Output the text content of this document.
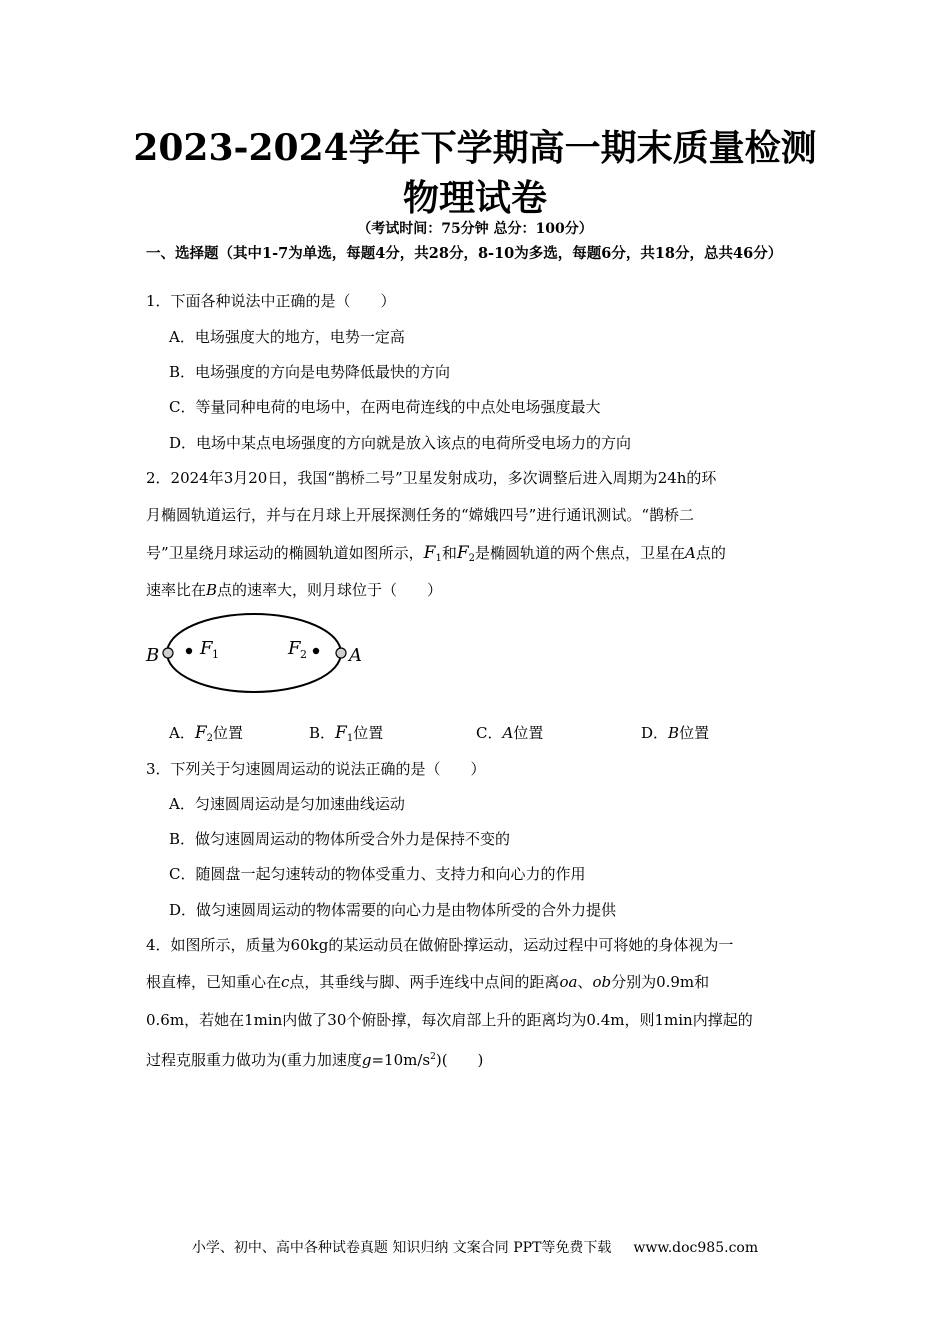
2023-2024学年下学期高一期末质量检测
物理试卷
（考试时间：75分钟 总分：100分）
一、选择题（其中1-7为单选，每题4分，共28分，8-10为多选，每题6分，共18分，总共46分）
1．下面各种说法中正确的是（　　）
A．电场强度大的地方，电势一定高
B．电场强度的方向是电势降低最快的方向
C．等量同种电荷的电场中，在两电荷连线的中点处电场强度最大
D．电场中某点电场强度的方向就是放入该点的电荷所受电场力的方向
2．2024年3月20日，我国“鹊桥二号”卫星发射成功，多次调整后进入周期为24h的环
月椭圆轨道运行，并与在月球上开展探测任务的“嫦娥四号”进行通讯测试。“鹊桥二
号”卫星绕月球运动的椭圆轨道如图所示，$F_1$和$F_2$是椭圆轨道的两个焦点，卫星在A点的
速率比在B点的速率大，则月球位于（　　）
B	A
F 1	F 2
A．$F_2$位置	B．$F_1$位置	C．A位置	D．B位置
3．下列关于匀速圆周运动的说法正确的是（　　）
A．匀速圆周运动是匀加速曲线运动
B．做匀速圆周运动的物体所受合外力是保持不变的
C．随圆盘一起匀速转动的物体受重力、支持力和向心力的作用
D．做匀速圆周运动的物体需要的向心力是由物体所受的合外力提供
4．如图所示，质量为60kg的某运动员在做俯卧撑运动，运动过程中可将她的身体视为一
根直棒，已知重心在c点，其垂线与脚、两手连线中点间的距离oa、ob分别为0.9m和
0.6m，若她在1min内做了30个俯卧撑，每次肩部上升的距离均为0.4m，则1min内撑起的
过程克服重力做功为(重力加速度$g=10m/s^2$)(　　)
小学、初中、高中各种试卷真题 知识归纳 文案合同 PPT等免费下载 www.doc985.com
